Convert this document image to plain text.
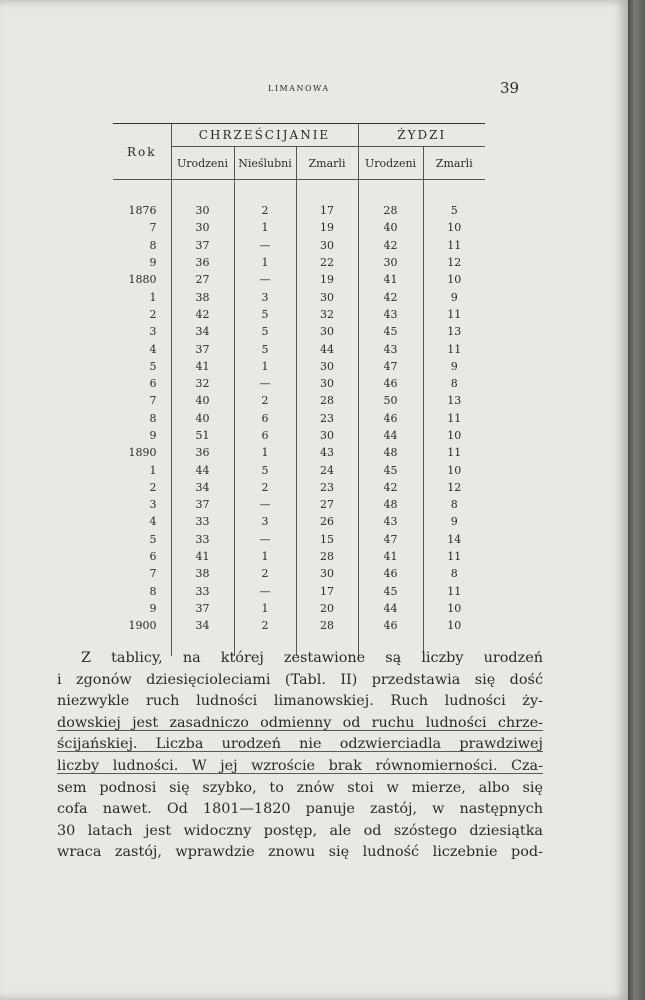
LIMANOWA	39
Rok	CHRZEŚCIJANIE			ŻYDZI	
	Urodzeni	Nieślubni	Zmarli	Urodzeni	Zmarli

1876	30	2	17	28	5
7	30	1	19	40	10
8	37	—	30	42	11
9	36	1	22	30	12
1880	27	—	19	41	10
1	38	3	30	42	9
2	42	5	32	43	11
3	34	5	30	45	13
4	37	5	44	43	11
5	41	1	30	47	9
6	32	—	30	46	8
7	40	2	28	50	13
8	40	6	23	46	11
9	51	6	30	44	10
1890	36	1	43	48	11
1	44	5	24	45	10
2	34	2	23	42	12
3	37	—	27	48	8
4	33	3	26	43	9
5	33	—	15	47	14
6	41	1	28	41	11
7	38	2	30	46	8
8	33	—	17	45	11
9	37	1	20	44	10
1900	34	2	28	46	10

Z tablicy, na której zestawione są liczby urodzeń
i zgonów dziesięcioleciami (Tabl. II) przedstawia się dość
niezwykle ruch ludności limanowskiej. Ruch ludności ży-
dowskiej jest zasadniczo odmienny od ruchu ludności chrze-
ścijańskiej. Liczba urodzeń nie odzwierciadla prawdziwej
liczby ludności. W jej wzroście brak równomierności. Cza-
sem podnosi się szybko, to znów stoi w mierze, albo się
cofa nawet. Od 1801—1820 panuje zastój, w następnych
30 latach jest widoczny postęp, ale od szóstego dziesiątka
wraca zastój, wprawdzie znowu się ludność liczebnie pod-
